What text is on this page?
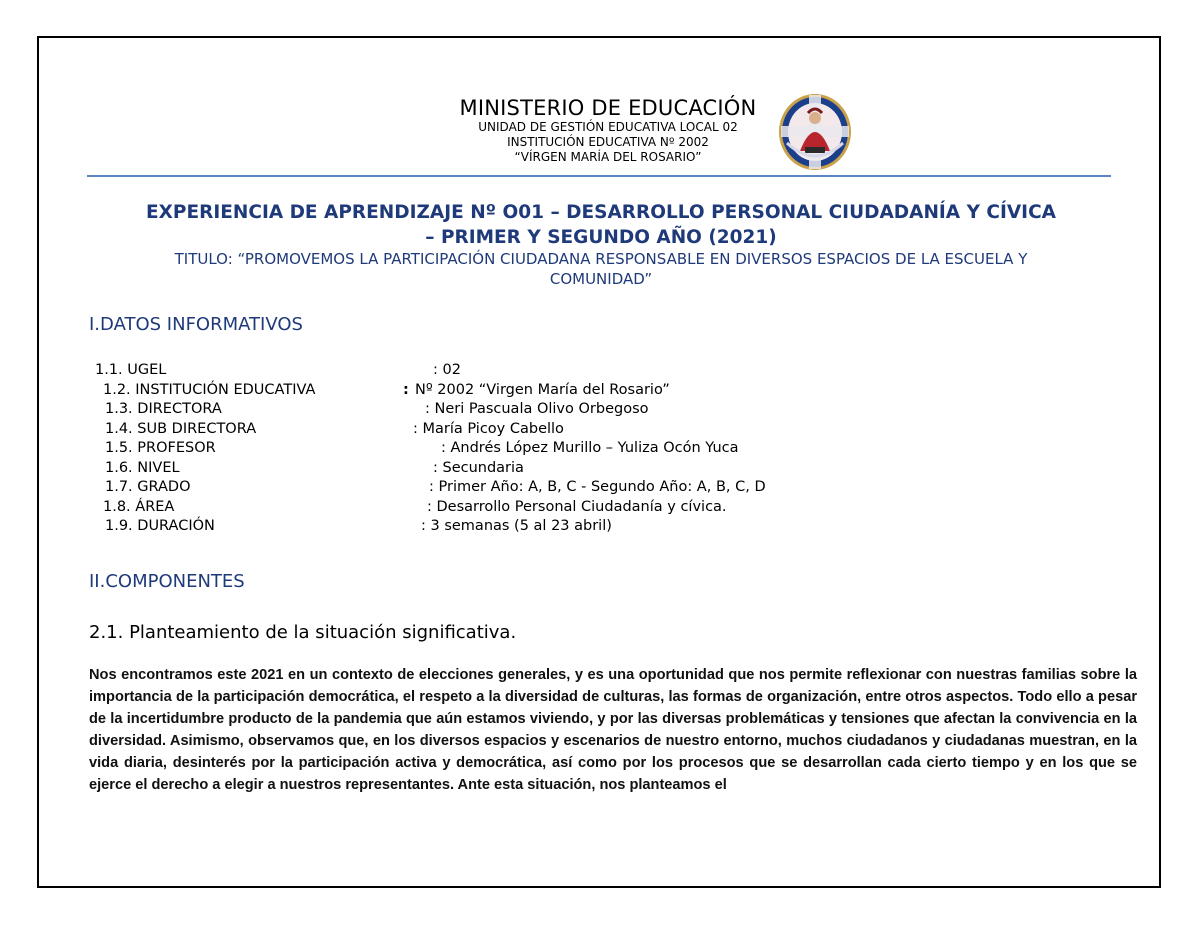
MINISTERIO DE EDUCACIÓN
UNIDAD DE GESTIÓN EDUCATIVA LOCAL 02
INSTITUCIÓN EDUCATIVA Nº 2002
“VÍRGEN MARÍA DEL ROSARIO”
EXPERIENCIA DE APRENDIZAJE Nº O01 – DESARROLLO PERSONAL CIUDADANÍA Y CÍVICA
– PRIMER Y SEGUNDO AÑO (2021)
TITULO: “PROMOVEMOS LA PARTICIPACIÓN CIUDADANA RESPONSABLE EN DIVERSOS ESPACIOS DE LA ESCUELA Y
COMUNIDAD”
I.DATOS INFORMATIVOS
1.1. UGEL	: 02
1.2. INSTITUCIÓN EDUCATIVA	: Nº 2002 “Virgen María del Rosario”
1.3. DIRECTORA	: Neri Pascuala Olivo Orbegoso
1.4. SUB DIRECTORA	: María Picoy Cabello
1.5. PROFESOR	: Andrés López Murillo – Yuliza Ocón Yuca
1.6. NIVEL	: Secundaria
1.7. GRADO	: Primer Año: A, B, C - Segundo Año: A, B, C, D
1.8. ÁREA	: Desarrollo Personal Ciudadanía y cívica.
1.9. DURACIÓN	: 3 semanas (5 al 23 abril)
II.COMPONENTES
2.1. Planteamiento de la situación significativa.
Nos encontramos este 2021 en un contexto de elecciones generales, y es una oportunidad que nos permite reflexionar con nuestras familias sobre la importancia de la participación democrática, el respeto a la diversidad de culturas, las formas de organización, entre otros aspectos. Todo ello a pesar de la incertidumbre producto de la pandemia que aún estamos viviendo, y por las diversas problemáticas y tensiones que afectan la convivencia en la diversidad. Asimismo, observamos que, en los diversos espacios y escenarios de nuestro entorno, muchos ciudadanos y ciudadanas muestran, en la vida diaria, desinterés por la participación activa y democrática, así como por los procesos que se desarrollan cada cierto tiempo y en los que se ejerce el derecho a elegir a nuestros representantes. Ante esta situación, nos planteamos el
